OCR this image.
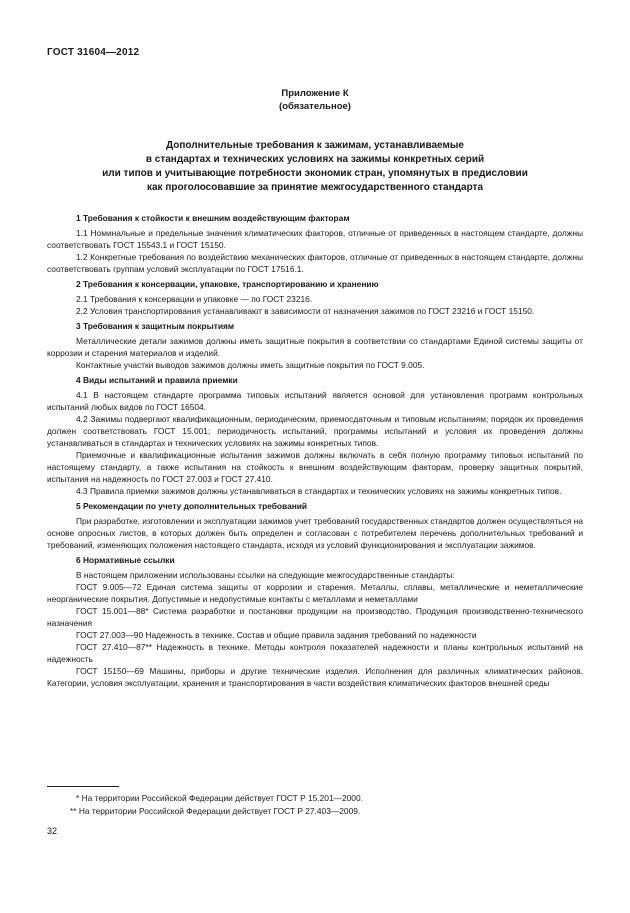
ГОСТ 31604—2012
Приложение К
(обязательное)
Дополнительные требования к зажимам, устанавливаемые
в стандартах и технических условиях на зажимы конкретных серий
или типов и учитывающие потребности экономик стран, упомянутых в предисловии
как проголосовавшие за принятие межгосударственного стандарта

1 Требования к стойкости к внешним воздействующим факторам

1.1 Номинальные и предельные значения климатических факторов, отличные от приведенных в настоящем стандарте, должны соответствовать ГОСТ 15543.1 и ГОСТ 15150.

1.2 Конкретные требования по воздействию механических факторов, отличные от приведенных в настоящем стандарте, должны соответствовать группам условий эксплуатации по ГОСТ 17516.1.

2 Требования к консервации, упаковке, транспортированию и хранению

2.1 Требования к консервации и упаковке — по ГОСТ 23216.

2.2 Условия транспортирования устанавливают в зависимости от назначения зажимов по ГОСТ 23216 и ГОСТ 15150.

3 Требования к защитным покрытиям

Металлические детали зажимов должны иметь защитные покрытия в соответствии со стандартами Единой системы защиты от коррозии и старения материалов и изделий.

Контактные участки выводов зажимов должны иметь защитные покрытия по ГОСТ 9.005.

4 Виды испытаний и правила приемки

4.1 В настоящем стандарте программа типовых испытаний является основой для установления программ контрольных испытаний любых видов по ГОСТ 16504.

4.2 Зажимы подвергают квалификационным, периодическим, приемосдаточным и типовым испытаниям; порядок их проведения должен соответствовать ГОСТ 15.001; периодичность испытаний, программы испытаний и условия их проведения должны устанавливаться в стандартах и технических условиях на зажимы конкретных типов.

Приемочные и квалификационные испытания зажимов должны включать в себя полную программу типовых испытаний по настоящему стандарту, а также испытания на стойкость к внешним воздействующим факторам, проверку защитных покрытий, испытания на надежность по ГОСТ 27.003 и ГОСТ 27.410.

4.3 Правила приемки зажимов должны устанавливаться в стандартах и технических условиях на зажимы конкретных типов.

5 Рекомендации по учету дополнительных требований

При разработке, изготовлении и эксплуатации зажимов учет требований государственных стандартов должен осуществляться на основе опросных листов, в которых должен быть определен и согласован с потребителем перечень дополнительных требований и требований, изменяющих положения настоящего стандарта, исходя из условий функционирования и эксплуатации зажимов.

6 Нормативные ссылки

В настоящем приложении использованы ссылки на следующие межгосударственные стандарты:

ГОСТ 9.005—72 Единая система защиты от коррозии и старения. Металлы, сплавы, металлические и неметаллические неорганические покрытия. Допустимые и недопустимые контакты с металлами и неметаллами

ГОСТ 15.001—88* Система разработки и постановки продукции на производство. Продукция производственно-технического назначения

ГОСТ 27.003—90 Надежность в технике. Состав и общие правила задания требований по надежности

ГОСТ 27.410—87** Надежность в технике. Методы контроля показателей надежности и планы контрольных испытаний на надежность

ГОСТ 15150—69 Машины, приборы и другие технические изделия. Исполнения для различных климатических районов. Категории, условия эксплуатации, хранения и транспортирования в части воздействия климатических факторов внешней среды

* На территории Российской Федерации действует ГОСТ Р 15.201—2000.
** На территории Российской Федерации действует ГОСТ Р 27.403—2009.
32
